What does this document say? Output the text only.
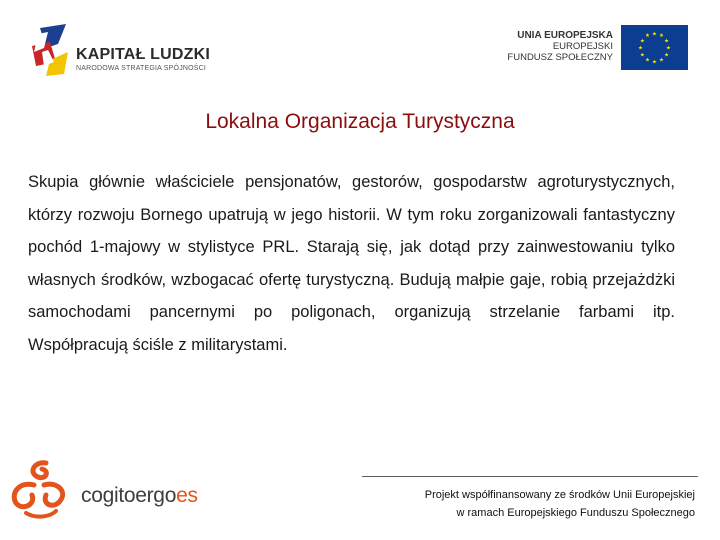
KAPITAŁ LUDZKI
NARODOWA STRATEGIA SPÓJNOŚCI
UNIA EUROPEJSKA
EUROPEJSKI
FUNDUSZ SPOŁECZNY
★ ★
★
★
★
★
★
★
★
★
★
★
Lokalna Organizacja Turystyczna
Skupia głównie właściciele pensjonatów, gestorów, gospodarstw agroturystycznych, którzy rozwoju Bornego upatrują w jego historii. W tym roku zorganizowali fantastyczny pochód 1-majowy w stylistyce PRL. Starają się, jak dotąd przy zainwestowaniu tylko własnych środków, wzbogacać ofertę turystyczną. Budują małpie gaje, robią przejażdżki samochodami pancernymi po poligonach, organizują strzelanie farbami itp. Współpracują ściśle z militarystami.
cogitoergoes	Projekt współfinansowany ze środków Unii Europejskiej
w ramach Europejskiego Funduszu Społecznego
